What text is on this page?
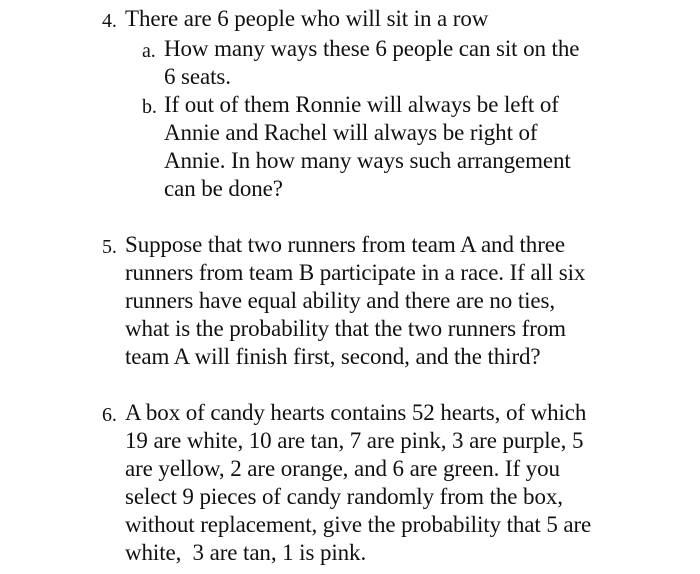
4. There are 6 people who will sit in a row
a. How many ways these 6 people can sit on the
6 seats.
b. If out of them Ronnie will always be left of
Annie and Rachel will always be right of
Annie. In how many ways such arrangement
can be done?
5. Suppose that two runners from team A and three
runners from team B participate in a race. If all six
runners have equal ability and there are no ties,
what is the probability that the two runners from
team A will finish first, second, and the third?
6. A box of candy hearts contains 52 hearts, of which
19 are white, 10 are tan, 7 are pink, 3 are purple, 5
are yellow, 2 are orange, and 6 are green. If you
select 9 pieces of candy randomly from the box,
without replacement, give the probability that 5 are
white,  3 are tan, 1 is pink.
